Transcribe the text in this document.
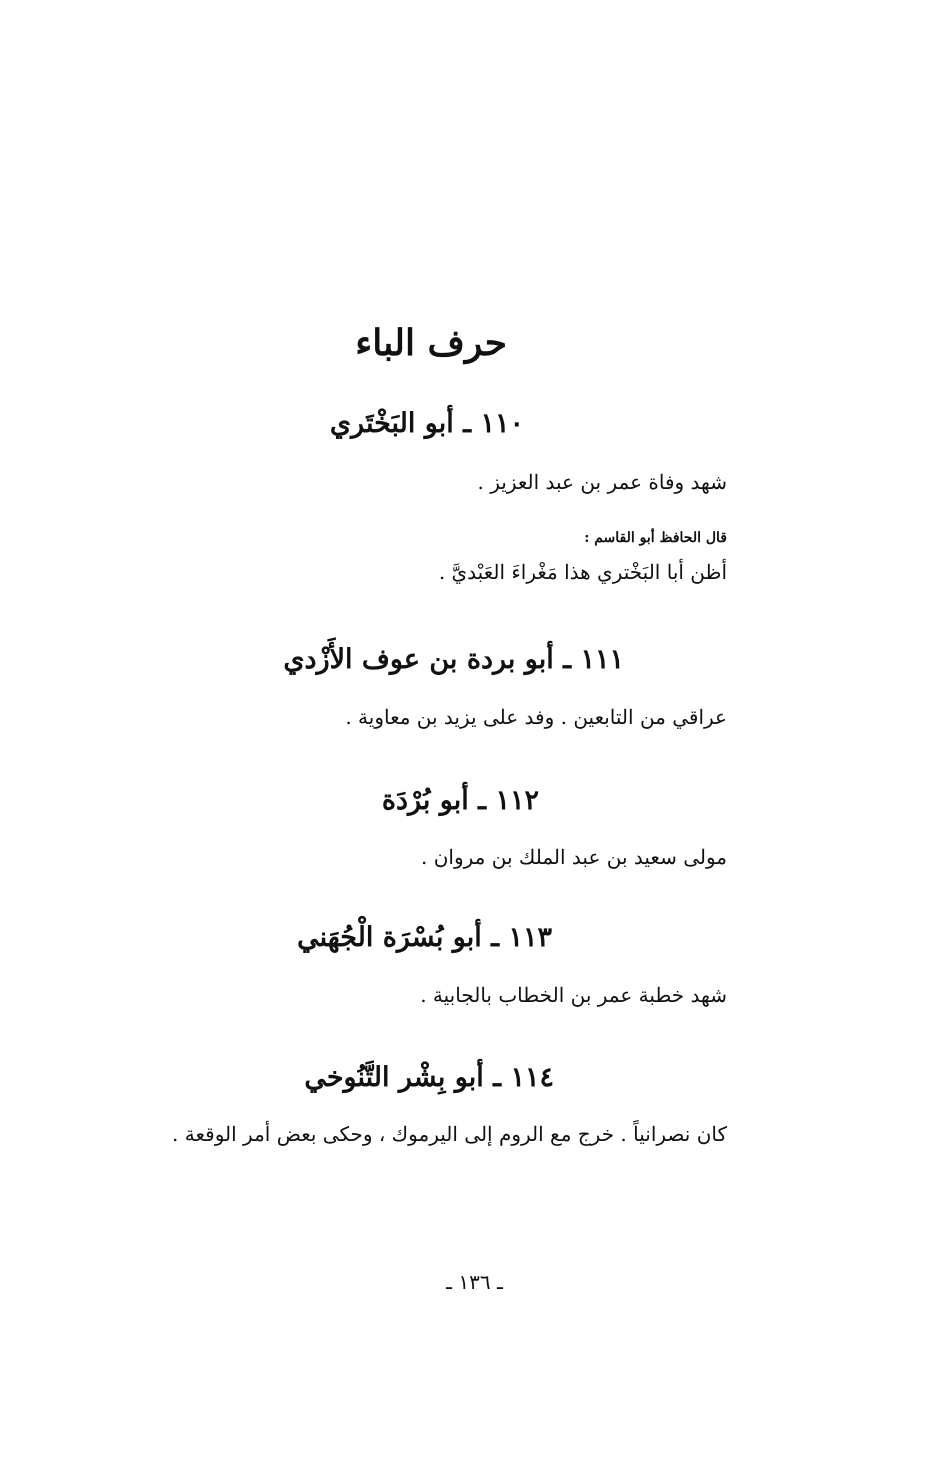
حرف الباء
١١٠ ـ أبو البَخْتَري
شهد وفاة عمر بن عبد العزيز .
قال الحافظ أبو القاسم :
أظن أبا البَخْتري هذا مَغْراءَ العَبْديَّ .
١١١ ـ أبو بردة بن عوف الأَزْدي
عراقي من التابعين . وفد على يزيد بن معاوية .
١١٢ ـ أبو بُرْدَة
مولى سعيد بن عبد الملك بن مروان .
١١٣ ـ أبو بُسْرَة الْجُهَني
شهد خطبة عمر بن الخطاب بالجابية .
١١٤ ـ أبو بِشْر التَّنُوخي
كان نصرانياً . خرج مع الروم إلى اليرموك ، وحكى بعض أمر الوقعة .
ـ ١٣٦ ـ
